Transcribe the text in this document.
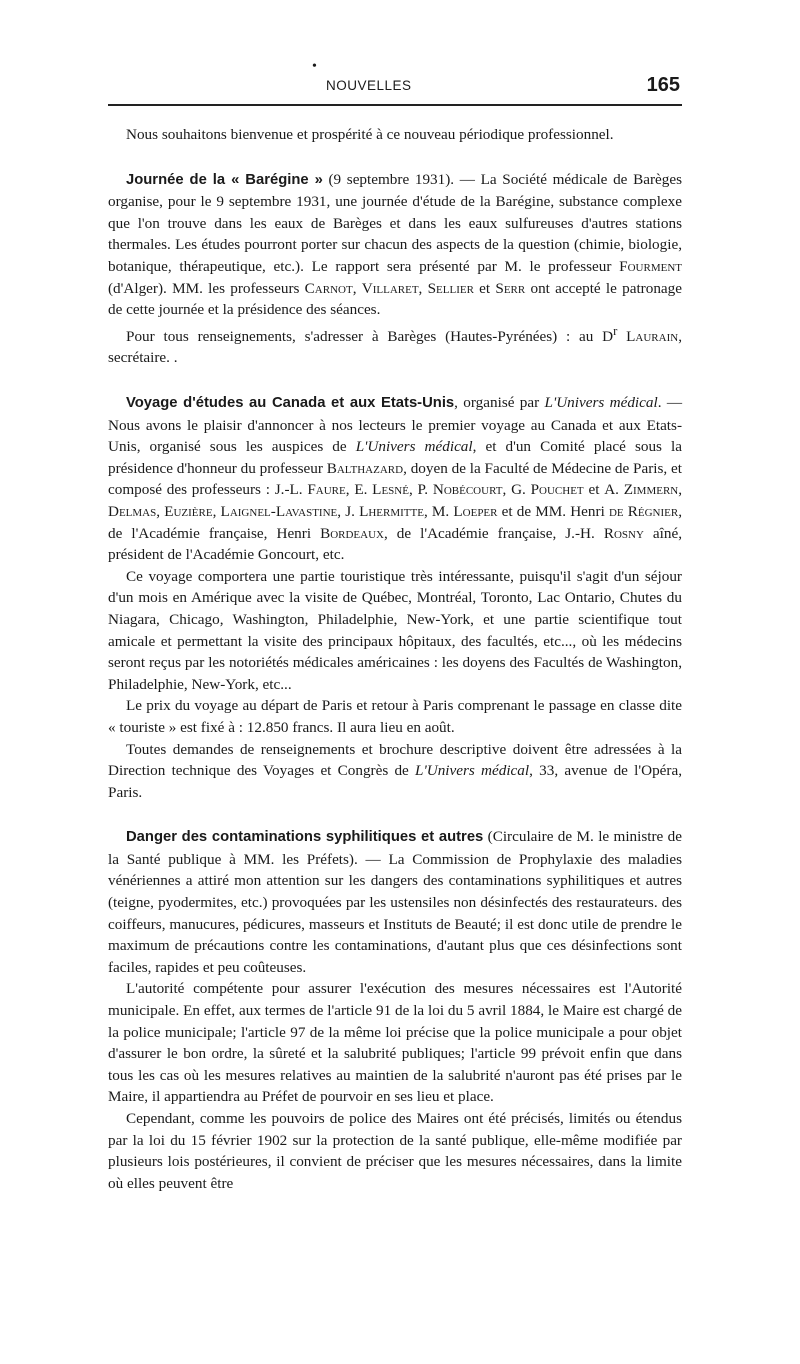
•
NOUVELLES	165

Nous souhaitons bienvenue et prospérité à ce nouveau périodique professionnel.

Journée de la « Barégine » (9 septembre 1931). — La Société médicale de Barèges organise, pour le 9 septembre 1931, une journée d'étude de la Barégine, substance complexe que l'on trouve dans les eaux de Barèges et dans les eaux sulfureuses d'autres stations thermales. Les études pourront porter sur chacun des aspects de la question (chimie, biologie, botanique, thérapeutique, etc.). Le rapport sera présenté par M. le professeur Fourment (d'Alger). MM. les professeurs Carnot, Villaret, Sellier et Serr ont accepté le patronage de cette journée et la présidence des séances.

Pour tous renseignements, s'adresser à Barèges (Hautes-Pyrénées) : au $D^r$ Laurain, secrétaire. .

Voyage d'études au Canada et aux Etats-Unis, organisé par L'Univers médical. — Nous avons le plaisir d'annoncer à nos lecteurs le premier voyage au Canada et aux Etats-Unis, organisé sous les auspices de L'Univers médical, et d'un Comité placé sous la présidence d'honneur du professeur Balthazard, doyen de la Faculté de Médecine de Paris, et composé des professeurs : J.-L. Faure, E. Lesné, P. Nobécourt, G. Pouchet et A. Zimmern, Delmas, Euzière, Laignel-Lavastine, J. Lhermitte, M. Loeper et de MM. Henri de Régnier, de l'Académie française, Henri Bordeaux, de l'Académie française, J.-H. Rosny aîné, président de l'Académie Goncourt, etc.

Ce voyage comportera une partie touristique très intéressante, puisqu'il s'agit d'un séjour d'un mois en Amérique avec la visite de Québec, Montréal, Toronto, Lac Ontario, Chutes du Niagara, Chicago, Washington, Philadelphie, New-York, et une partie scientifique tout amicale et permettant la visite des principaux hôpitaux, des facultés, etc..., où les médecins seront reçus par les notoriétés médicales américaines : les doyens des Facultés de Washington, Philadelphie, New-York, etc...

Le prix du voyage au départ de Paris et retour à Paris comprenant le passage en classe dite « touriste » est fixé à : 12.850 francs. Il aura lieu en août.

Toutes demandes de renseignements et brochure descriptive doivent être adressées à la Direction technique des Voyages et Congrès de L'Univers médical, 33, avenue de l'Opéra, Paris.

Danger des contaminations syphilitiques et autres (Circulaire de M. le ministre de la Santé publique à MM. les Préfets). — La Commission de Prophylaxie des maladies vénériennes a attiré mon attention sur les dangers des contaminations syphilitiques et autres (teigne, pyodermites, etc.) provoquées par les ustensiles non désinfectés des restaurateurs. des coiffeurs, manucures, pédicures, masseurs et Instituts de Beauté; il est donc utile de prendre le maximum de précautions contre les contaminations, d'autant plus que ces désinfections sont faciles, rapides et peu coûteuses.

L'autorité compétente pour assurer l'exécution des mesures nécessaires est l'Autorité municipale. En effet, aux termes de l'article 91 de la loi du 5 avril 1884, le Maire est chargé de la police municipale; l'article 97 de la même loi précise que la police municipale a pour objet d'assurer le bon ordre, la sûreté et la salubrité publiques; l'article 99 prévoit enfin que dans tous les cas où les mesures relatives au maintien de la salubrité n'auront pas été prises par le Maire, il appartiendra au Préfet de pourvoir en ses lieu et place.

Cependant, comme les pouvoirs de police des Maires ont été précisés, limités ou étendus par la loi du 15 février 1902 sur la protection de la santé publique, elle-même modifiée par plusieurs lois postérieures, il convient de préciser que les mesures nécessaires, dans la limite où elles peuvent être
